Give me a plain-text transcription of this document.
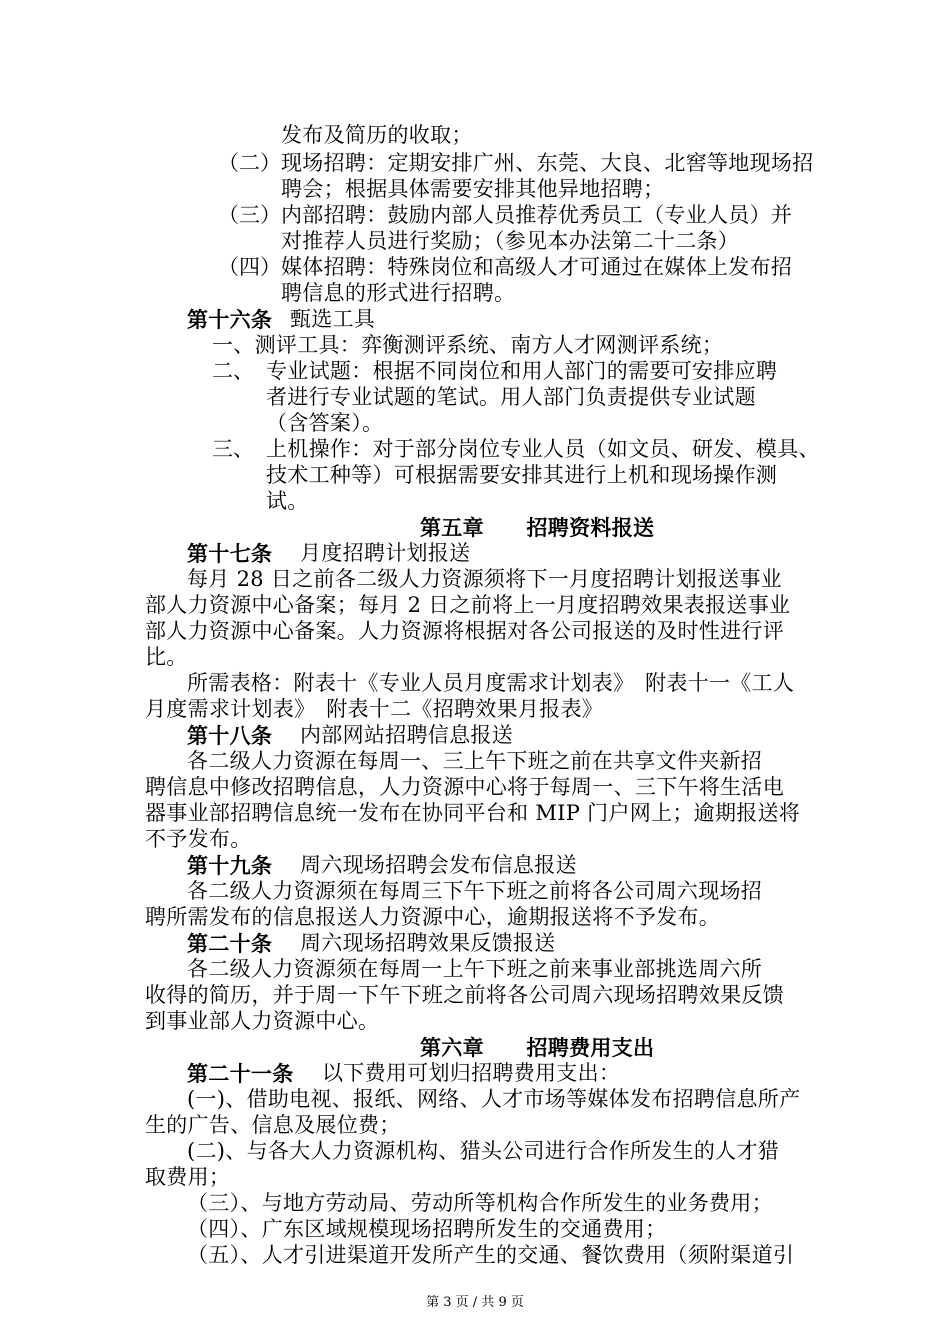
发布及简历的收取；
（二） 现场招聘：定期安排广州、东莞、大良、北窖等地现场招
聘会；根据具体需要安排其他异地招聘；
（三） 内部招聘：鼓励内部人员推荐优秀员工（专业人员）并
对推荐人员进行奖励；（参见本办法第二十二条）
（四） 媒体招聘：特殊岗位和高级人才可通过在媒体上发布招
聘信息的形式进行招聘。
第十六条 甄选工具
一、测评工具：弈衡测评系统、南方人才网测评系统；
二、 专业试题：根据不同岗位和用人部门的需要可安排应聘
者进行专业试题的笔试。用人部门负责提供专业试题
（含答案）。
三、 上机操作：对于部分岗位专业人员（如文员、研发、模具、
技术工种等）可根据需要安排其进行上机和现场操作测
试。
第五章　　招聘资料报送
第十七条 月度招聘计划报送
每月 28 日之前各二级人力资源须将下一月度招聘计划报送事业
部人力资源中心备案；每月 2 日之前将上一月度招聘效果表报送事业
部人力资源中心备案。人力资源将根据对各公司报送的及时性进行评
比。
所需表格：附表十《专业人员月度需求计划表》　附表十一《工人
月度需求计划表》　附表十二《招聘效果月报表》
第十八条 内部网站招聘信息报送
各二级人力资源在每周一、三上午下班之前在共享文件夹新招
聘信息中修改招聘信息，人力资源中心将于每周一、三下午将生活电
器事业部招聘信息统一发布在协同平台和 MIP 门户网上；逾期报送将
不予发布。
第十九条 周六现场招聘会发布信息报送
各二级人力资源须在每周三下午下班之前将各公司周六现场招
聘所需发布的信息报送人力资源中心，逾期报送将不予发布。
第二十条 周六现场招聘效果反馈报送
各二级人力资源须在每周一上午下班之前来事业部挑选周六所
收得的简历，并于周一下午下班之前将各公司周六现场招聘效果反馈
到事业部人力资源中心。
第六章　　招聘费用支出
第二十一条 以下费用可划归招聘费用支出：
(一)、借助电视、报纸、网络、人才市场等媒体发布招聘信息所产
生的广告、信息及展位费；
(二)、与各大人力资源机构、猎头公司进行合作所发生的人才猎
取费用；
（三）、与地方劳动局、劳动所等机构合作所发生的业务费用；
（四）、广东区域规模现场招聘所发生的交通费用；
（五）、人才引进渠道开发所产生的交通、餐饮费用（须附渠道引
第 3 页 / 共 9 页
